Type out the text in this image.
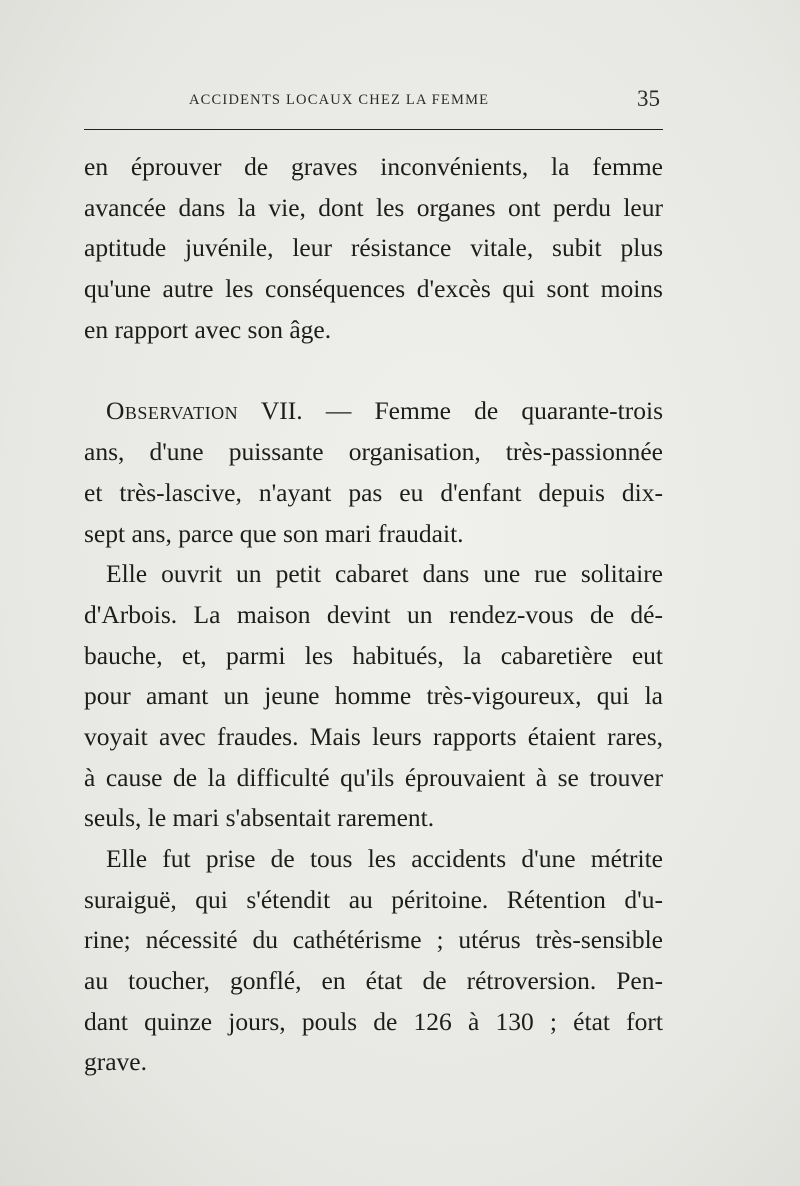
ACCIDENTS LOCAUX CHEZ LA FEMME	35
en éprouver de graves inconvénients, la femme
avancée dans la vie, dont les organes ont perdu leur
aptitude juvénile, leur résistance vitale, subit plus
qu'une autre les conséquences d'excès qui sont moins
en rapport avec son âge.
Observation VII. — Femme de quarante-trois
ans, d'une puissante organisation, très-passionnée
et très-lascive, n'ayant pas eu d'enfant depuis dix-
sept ans, parce que son mari fraudait.
Elle ouvrit un petit cabaret dans une rue solitaire
d'Arbois. La maison devint un rendez-vous de dé-
bauche, et, parmi les habitués, la cabaretière eut
pour amant un jeune homme très-vigoureux, qui la
voyait avec fraudes. Mais leurs rapports étaient rares,
à cause de la difficulté qu'ils éprouvaient à se trouver
seuls, le mari s'absentait rarement.
Elle fut prise de tous les accidents d'une métrite
suraiguë, qui s'étendit au péritoine. Rétention d'u-
rine; nécessité du cathétérisme ; utérus très-sensible
au toucher, gonflé, en état de rétroversion. Pen-
dant quinze jours, pouls de 126 à 130 ; état fort
grave.
